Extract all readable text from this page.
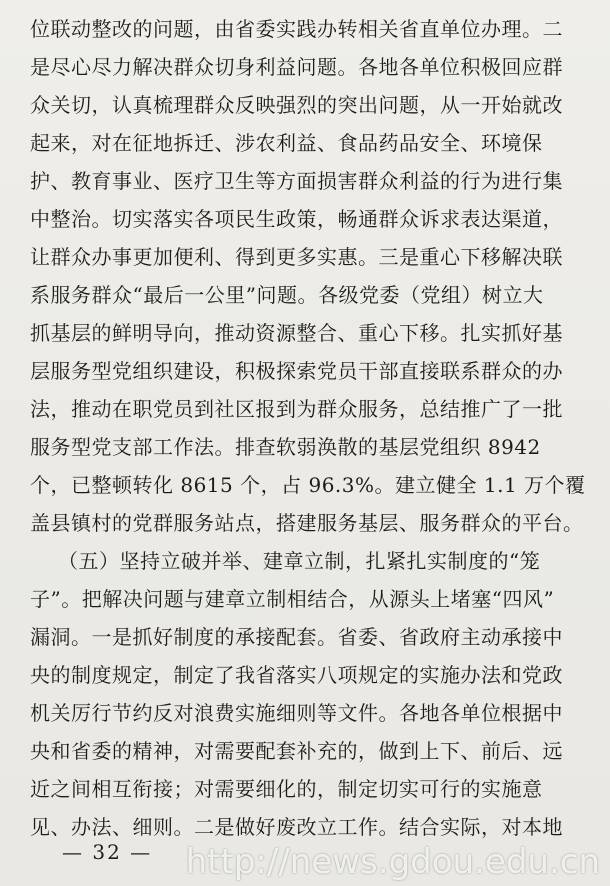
位联动整改的问题，由省委实践办转相关省直单位办理。二
是尽心尽力解决群众切身利益问题。各地各单位积极回应群
众关切，认真梳理群众反映强烈的突出问题，从一开始就改
起来，对在征地拆迁、涉农利益、食品药品安全、环境保
护、教育事业、医疗卫生等方面损害群众利益的行为进行集
中整治。切实落实各项民生政策，畅通群众诉求表达渠道，
让群众办事更加便利、得到更多实惠。三是重心下移解决联
系服务群众“最后一公里”问题。各级党委（党组）树立大
抓基层的鲜明导向，推动资源整合、重心下移。扎实抓好基
层服务型党组织建设，积极探索党员干部直接联系群众的办
法，推动在职党员到社区报到为群众服务，总结推广了一批
服务型党支部工作法。排查软弱涣散的基层党组织 8942
个，已整顿转化 8615 个，占 96.3%。建立健全 1.1 万个覆
盖县镇村的党群服务站点，搭建服务基层、服务群众的平台。
（五）坚持立破并举、建章立制，扎紧扎实制度的“笼
子”。把解决问题与建章立制相结合，从源头上堵塞“四风”
漏洞。一是抓好制度的承接配套。省委、省政府主动承接中
央的制度规定，制定了我省落实八项规定的实施办法和党政
机关厉行节约反对浪费实施细则等文件。各地各单位根据中
央和省委的精神，对需要配套补充的，做到上下、前后、远
近之间相互衔接；对需要细化的，制定切实可行的实施意
见、办法、细则。二是做好废改立工作。结合实际，对本地
— 32 — http://news.gdou.edu.cn
